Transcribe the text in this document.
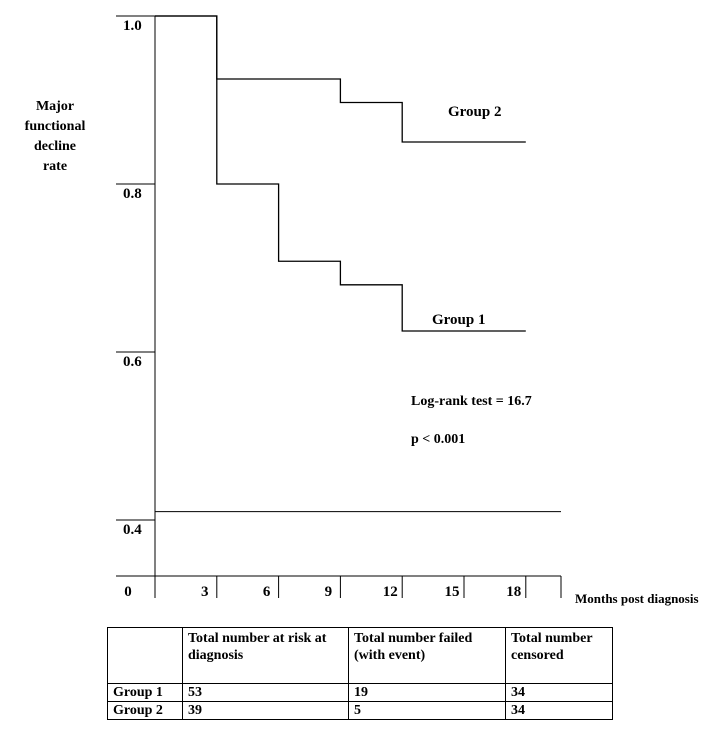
1.0
0.8
0.6
0.4
0	3	6	9	12	15	18	Months post diagnosis
Group 2
Group 1
Log-rank test = 16.7
p < 0.001
Major
functional
decline
rate
	Total number at risk at diagnosis	Total number failed (with event)	Total number censored
Group 1	53	19	34
Group 2	39	5	34
